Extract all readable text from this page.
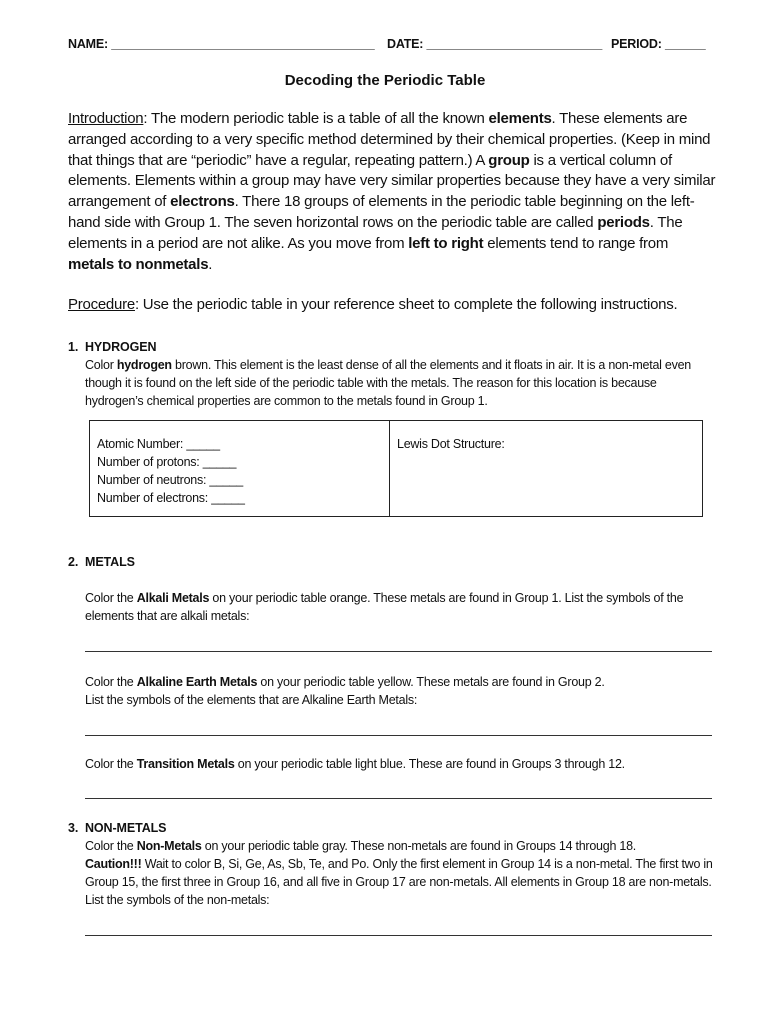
NAME: _______________________________________ DATE: __________________________ PERIOD: ______
Decoding the Periodic Table

Introduction: The modern periodic table is a table of all the known elements. These elements are arranged according to a very specific method determined by their chemical properties. (Keep in mind that things that are “periodic” have a regular, repeating pattern.) A group is a vertical column of elements. Elements within a group may have very similar properties because they have a very similar arrangement of electrons. There 18 groups of elements in the periodic table beginning on the left-hand side with Group 1. The seven horizontal rows on the periodic table are called periods. The elements in a period are not alike. As you move from left to right elements tend to range from metals to nonmetals.

Procedure: Use the periodic table in your reference sheet to complete the following instructions.

1. HYDROGEN

Color hydrogen brown. This element is the least dense of all the elements and it floats in air. It is a non-metal even though it is found on the left side of the periodic table with the metals. The reason for this location is because hydrogen’s chemical properties are common to the metals found in Group 1.

Atomic Number: _____
Number of protons: _____
Number of neutrons: _____
Number of electrons: _____
Lewis Dot Structure:
2. METALS

Color the Alkali Metals on your periodic table orange. These metals are found in Group 1. List the symbols of the elements that are alkali metals:

Color the Alkaline Earth Metals on your periodic table yellow. These metals are found in Group 2.

List the symbols of the elements that are Alkaline Earth Metals:

Color the Transition Metals on your periodic table light blue. These are found in Groups 3 through 12.

3. NON-METALS

Color the Non-Metals on your periodic table gray. These non-metals are found in Groups 14 through 18.

Caution!!! Wait to color B, Si, Ge, As, Sb, Te, and Po. Only the first element in Group 14 is a non-metal. The first two in Group 15, the first three in Group 16, and all five in Group 17 are non-metals. All elements in Group 18 are non-metals. List the symbols of the non-metals:
